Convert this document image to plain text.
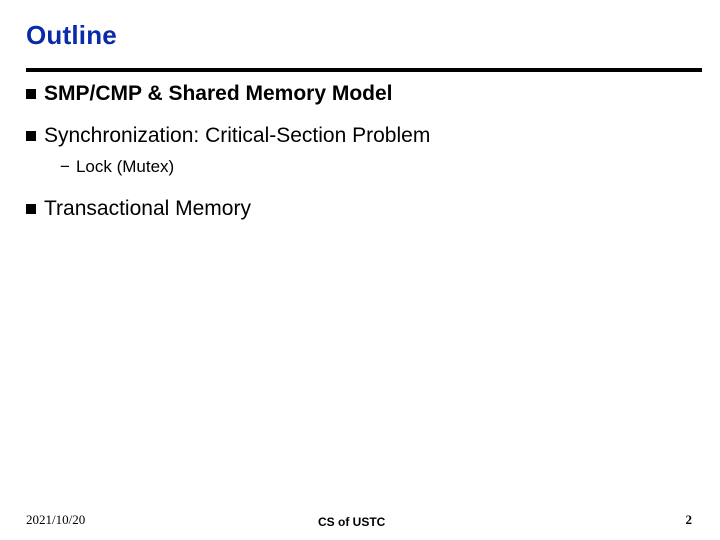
Outline
SMP/CMP & Shared Memory Model
Synchronization: Critical-Section Problem
− Lock (Mutex)
Transactional Memory
2021/10/20	CS of USTC	2
